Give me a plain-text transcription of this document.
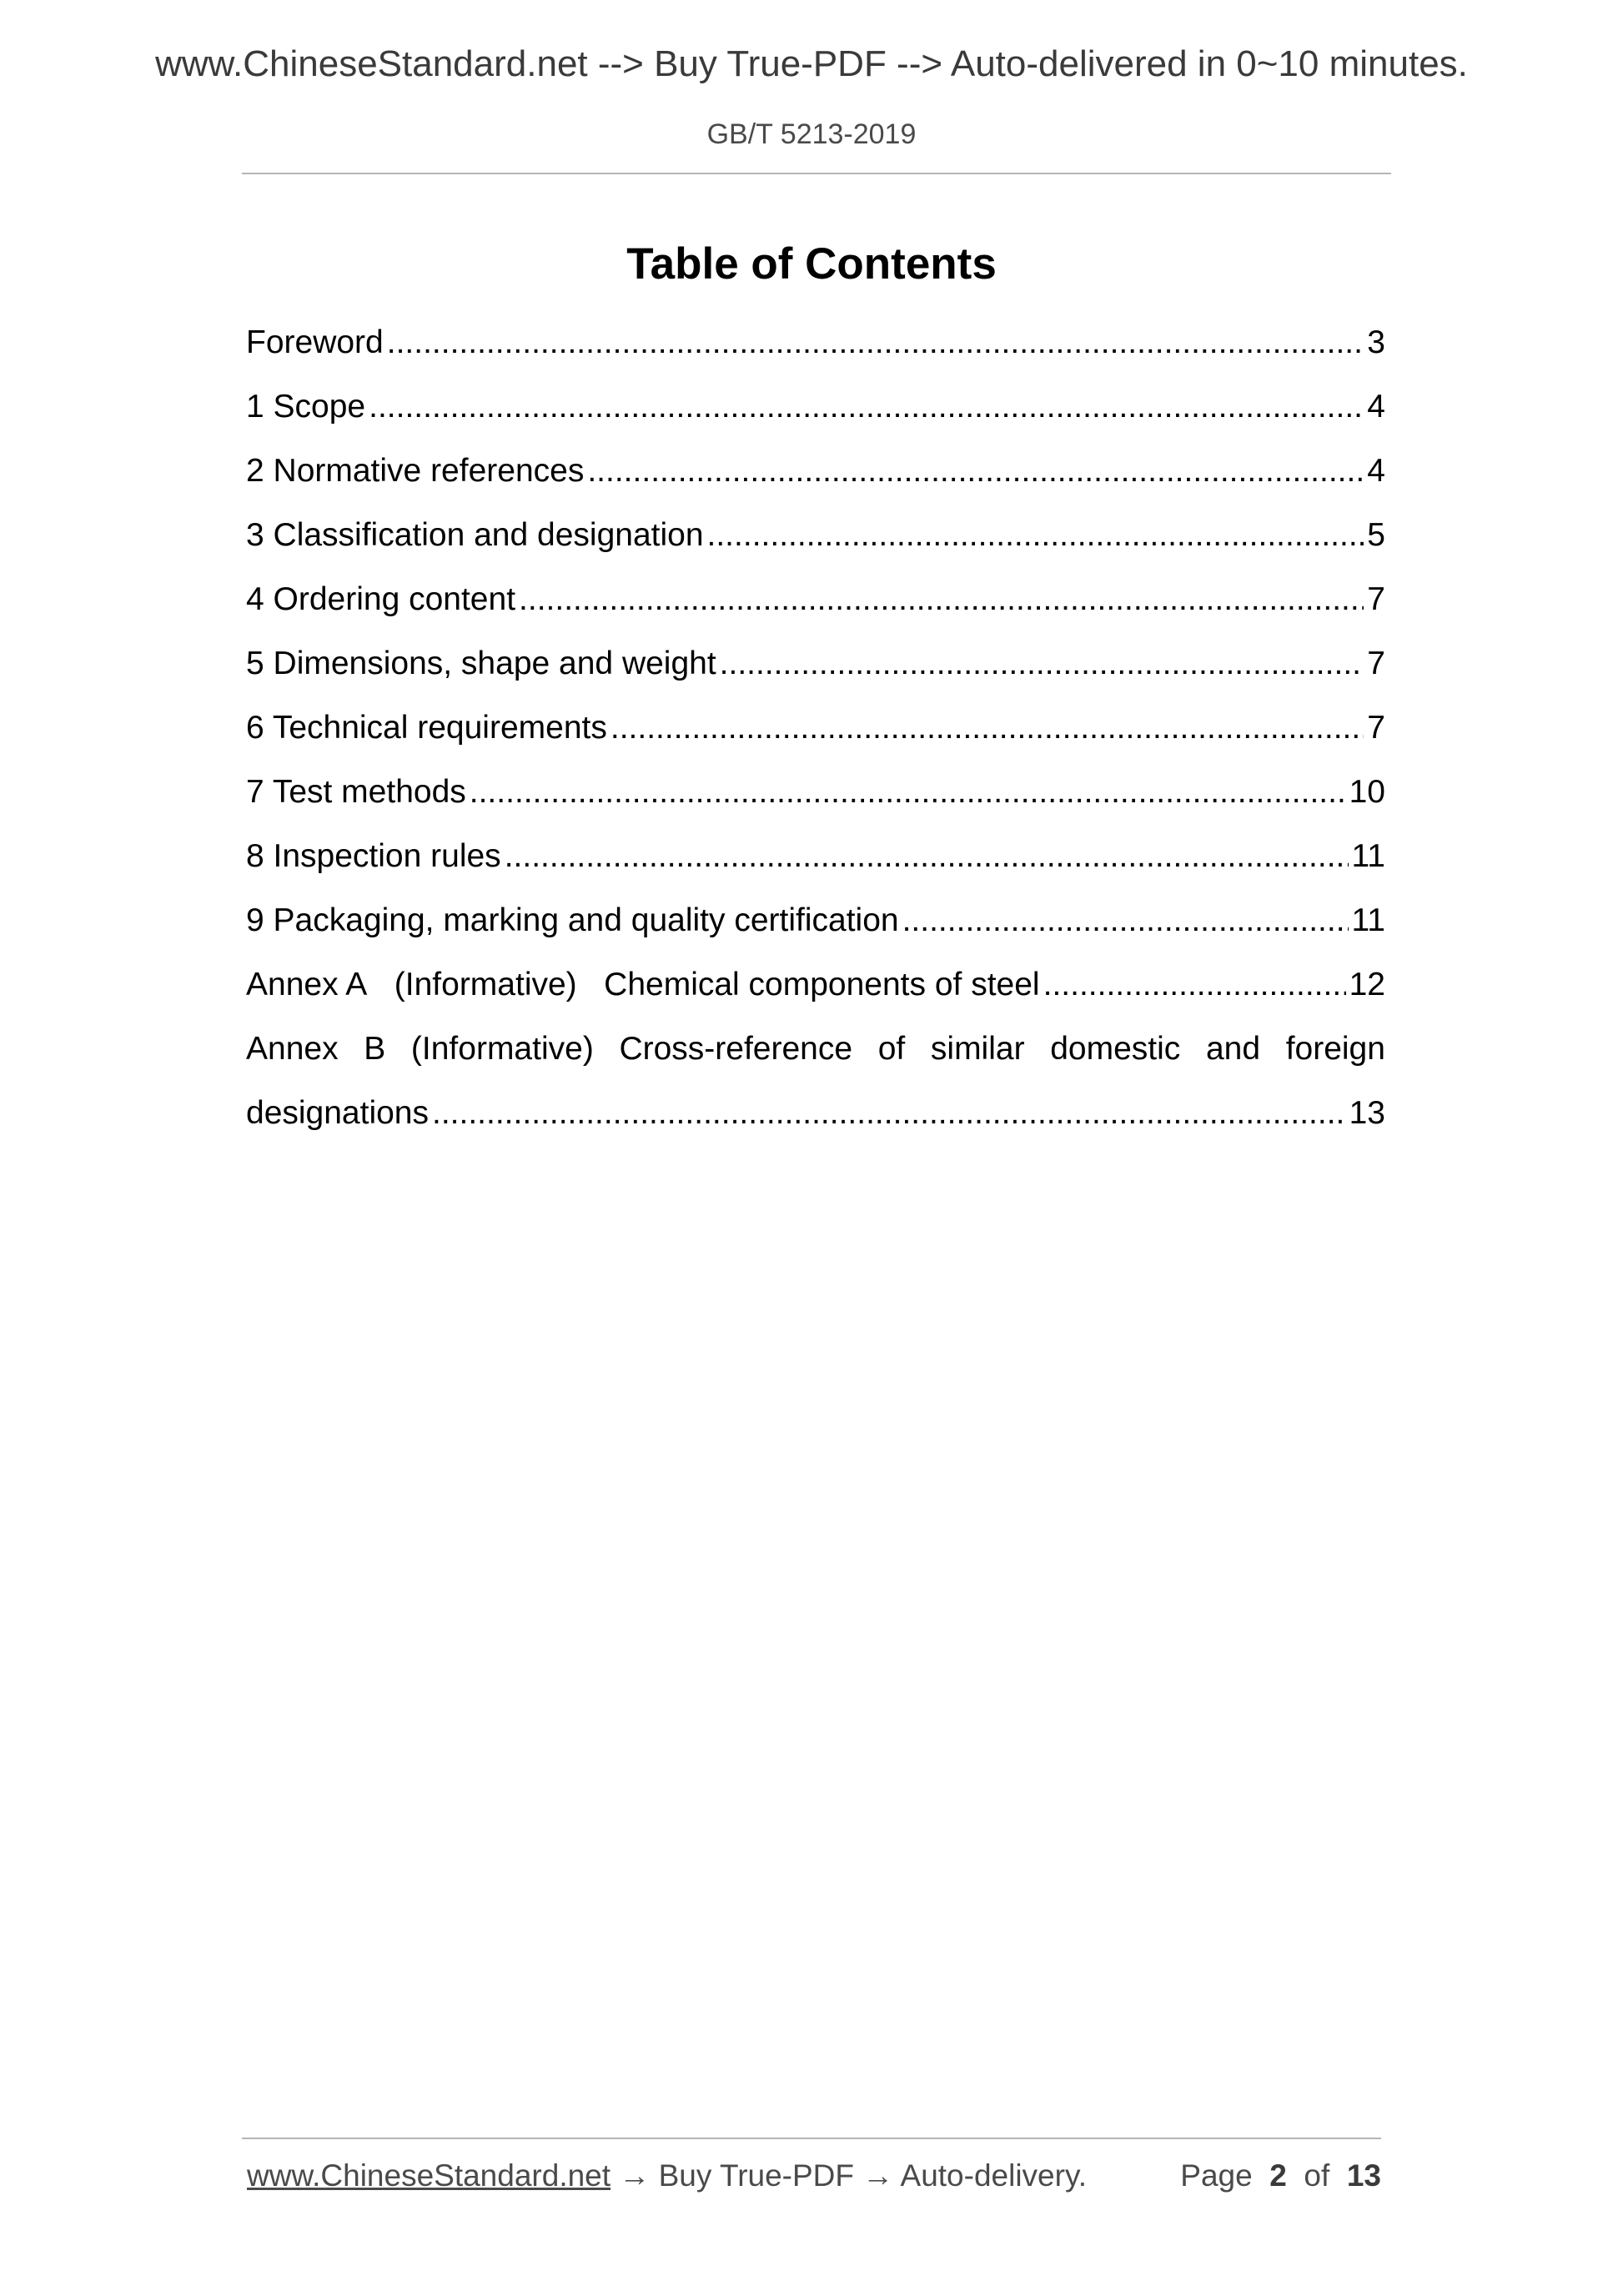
www.ChineseStandard.net --> Buy True-PDF --> Auto-delivered in 0~10 minutes.
GB/T 5213-2019
Table of Contents
Foreword .....	3
1 Scope .....	4
2 Normative references .....	4
3 Classification and designation .....	5
4 Ordering content .....	7
5 Dimensions, shape and weight .....	7
6 Technical requirements .....	7
7 Test methods .....	10
8 Inspection rules .....	11
9 Packaging, marking and quality certification .....	11
Annex A   (Informative)   Chemical components of steel .....	12
Annex B (Informative) Cross-reference of similar domestic and foreign
designations .....	13
www.ChineseStandard.net → Buy True-PDF → Auto-delivery.	Page 2 of 13
